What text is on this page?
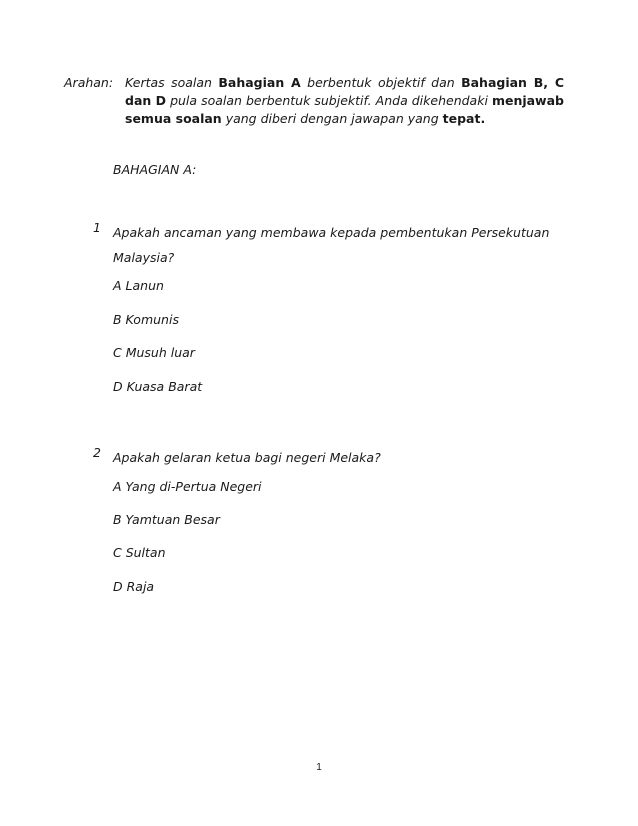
Arahan: Kertas soalan Bahagian A berbentuk objektif dan Bahagian B, C dan D pula soalan berbentuk subjektif. Anda dikehendaki menjawab semua soalan yang diberi dengan jawapan yang tepat.
BAHAGIAN A:
1 Apakah ancaman yang membawa kepada pembentukan Persekutuan
Malaysia?
A Lanun
B Komunis
C Musuh luar
D Kuasa Barat
2 Apakah gelaran ketua bagi negeri Melaka?
A Yang di-Pertua Negeri
B Yamtuan Besar
C Sultan
D Raja
1
